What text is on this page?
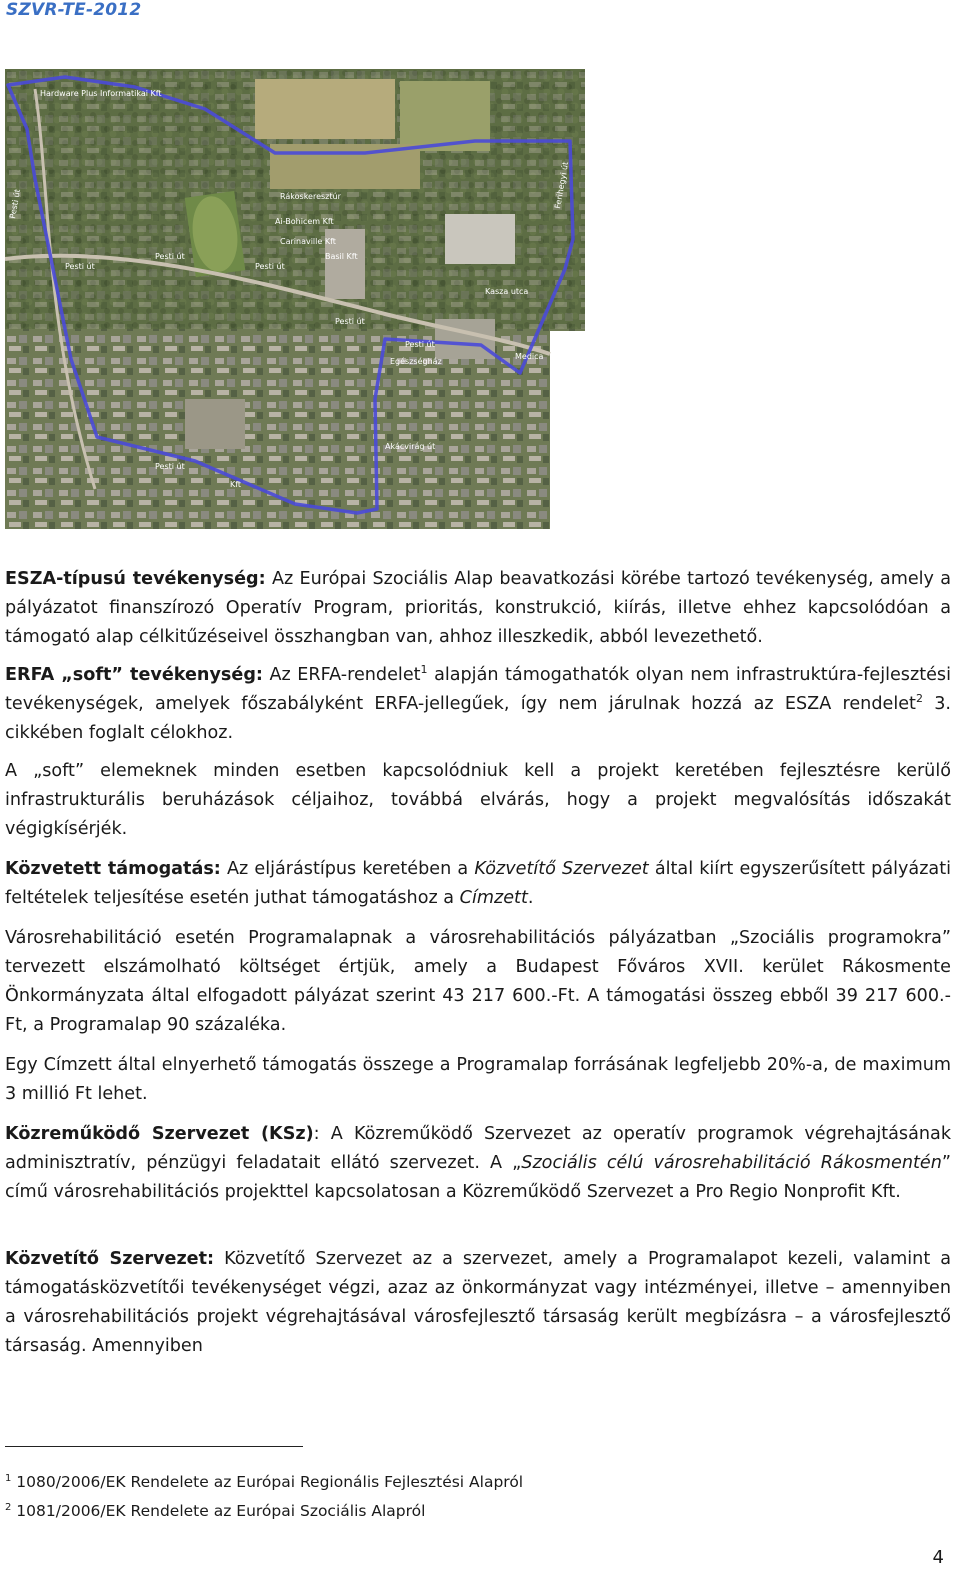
SZVR-TE-2012
Hardware Plus Informatikai Kft
Pesti út	Rákoskeresztúr
Ai-Bohicem Kft
Carinaville Kft
Basil Kft
Pesti út
Pesti út
Pesti út
Pesti út
Pesti út
Ferihegyi út
Egészségház
Akácvirág út
Pesti út
Kft
Medica
Kasza utca

ESZA-típusú tevékenység: Az Európai Szociális Alap beavatkozási körébe tartozó tevékenység, amely a pályázatot finanszírozó Operatív Program, prioritás, konstrukció, kiírás, illetve ehhez kapcsolódóan a támogató alap célkitűzéseivel összhangban van, ahhoz illeszkedik, abból levezethető.

ERFA „soft” tevékenység: Az ERFA-rendelet$^1$ alapján támogathatók olyan nem infrastruktúra-fejlesztési tevékenységek, amelyek főszabályként ERFA-jellegűek, így nem járulnak hozzá az ESZA rendelet$^2$ 3. cikkében foglalt célokhoz.

A „soft” elemeknek minden esetben kapcsolódniuk kell a projekt keretében fejlesztésre kerülő infrastrukturális beruházások céljaihoz, továbbá elvárás, hogy a projekt megvalósítás időszakát végigkísérjék.

Közvetett támogatás: Az eljárástípus keretében a Közvetítő Szervezet által kiírt egyszerűsített pályázati feltételek teljesítése esetén juthat támogatáshoz a Címzett.

Városrehabilitáció esetén Programalapnak a városrehabilitációs pályázatban „Szociális programokra” tervezett elszámolható költséget értjük, amely a Budapest Főváros XVII. kerület Rákosmente Önkormányzata által elfogadott pályázat szerint 43 217 600.-Ft. A támogatási összeg ebből 39 217 600.-Ft, a Programalap 90 százaléka.

Egy Címzett által elnyerhető támogatás összege a Programalap forrásának legfeljebb 20%-a, de maximum 3 millió Ft lehet.

Közreműködő Szervezet (KSz): A Közreműködő Szervezet az operatív programok végrehajtásának adminisztratív, pénzügyi feladatait ellátó szervezet. A „Szociális célú városrehabilitáció Rákosmentén” című városrehabilitációs projekttel kapcsolatosan a Közreműködő Szervezet a Pro Regio Nonprofit Kft.

Közvetítő Szervezet: Közvetítő Szervezet az a szervezet, amely a Programalapot kezeli, valamint a támogatásközvetítői tevékenységet végzi, azaz az önkormányzat vagy intézményei, illetve – amennyiben a városrehabilitációs projekt végrehajtásával városfejlesztő társaság került megbízásra – a városfejlesztő társaság. Amennyiben

$^1$ 1080/2006/EK Rendelete az Európai Regionális Fejlesztési Alapról
$^2$ 1081/2006/EK Rendelete az Európai Szociális Alapról
4
